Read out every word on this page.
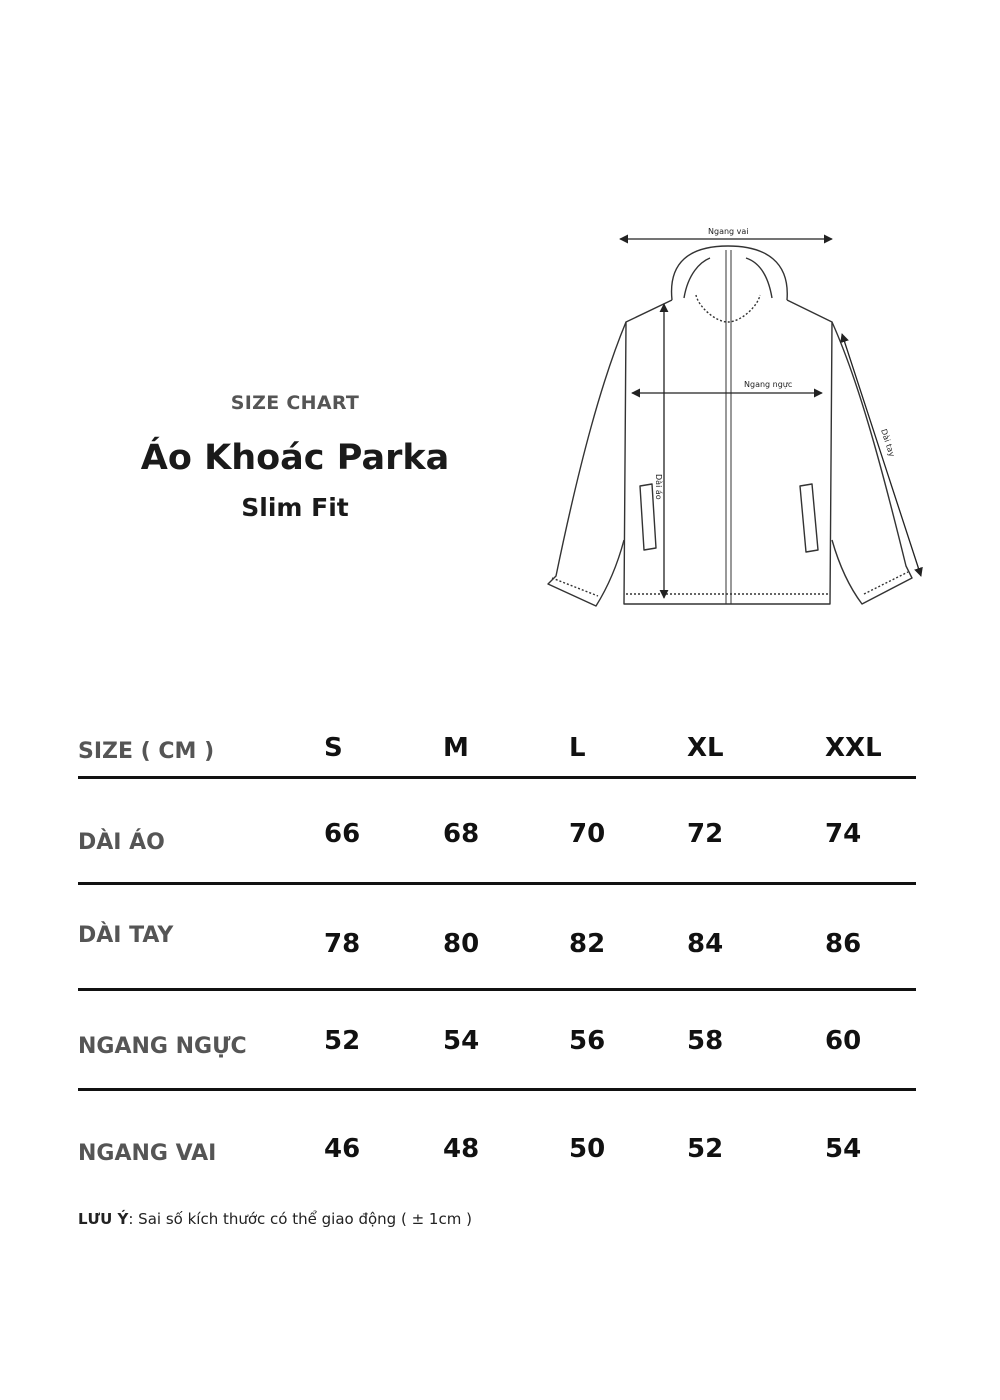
SIZE CHART
Áo Khoác Parka
Slim Fit
Ngang vai
Ngang ngực
Dài áo
Dài tay
SIZE ( CM )	S	M	L	XL	XXL
DÀI ÁO	66	68	70	72	74
DÀI TAY	78	80	82	84	86
NGANG NGỰC	52	54	56	58	60
NGANG VAI	46	48	50	52	54
LƯU Ý: Sai số kích thước có thể giao động ( ± 1cm )
